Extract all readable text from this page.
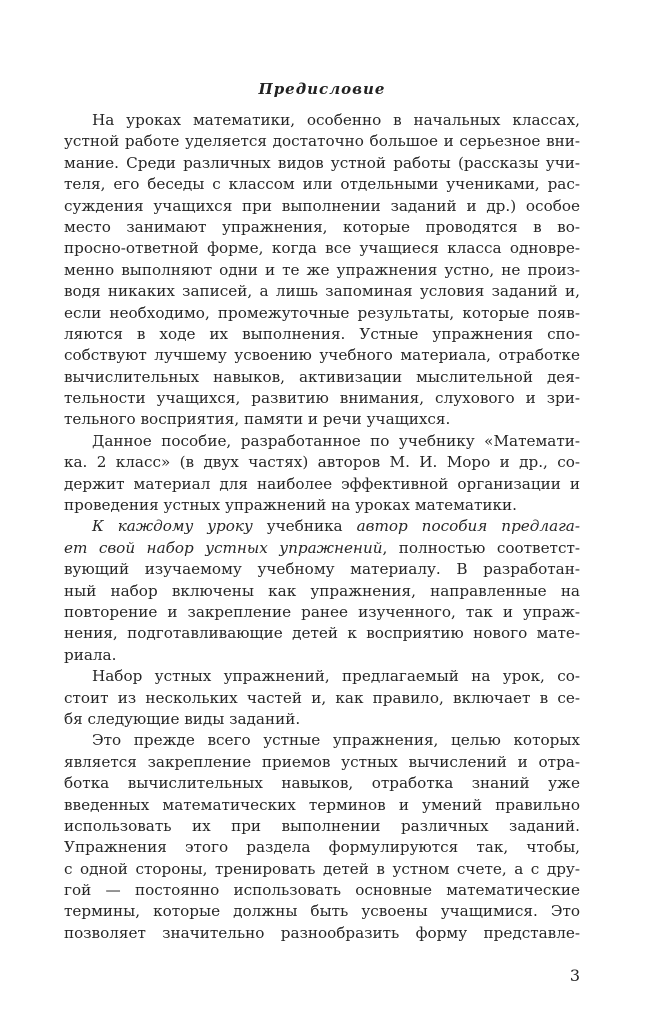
Предисловие
На уроках математики, особенно в начальных классах,
устной работе уделяется достаточно большое и серьезное вни-
мание. Среди различных видов устной работы (рассказы учи-
теля, его беседы с классом или отдельными учениками, рас-
суждения учащихся при выполнении заданий и др.) особое
место занимают упражнения, которые проводятся в во-
просно-ответной форме, когда все учащиеся класса одновре-
менно выполняют одни и те же упражнения устно, не произ-
водя никаких записей, а лишь запоминая условия заданий и,
если необходимо, промежуточные результаты, которые появ-
ляются в ходе их выполнения. Устные упражнения спо-
собствуют лучшему усвоению учебного материала, отработке
вычислительных навыков, активизации мыслительной дея-
тельности учащихся, развитию внимания, слухового и зри-
тельного восприятия, памяти и речи учащихся.
Данное пособие, разработанное по учебнику «Математи-
ка. 2 класс» (в двух частях) авторов М. И. Моро и др., со-
держит материал для наиболее эффективной организации и
проведения устных упражнений на уроках математики.
К каждому уроку учебника автор пособия предлага-
ет свой набор устных упражнений, полностью соответст-
вующий изучаемому учебному материалу. В разработан-
ный набор включены как упражнения, направленные на
повторение и закрепление ранее изученного, так и упраж-
нения, подготавливающие детей к восприятию нового мате-
риала.
Набор устных упражнений, предлагаемый на урок, со-
стоит из нескольких частей и, как правило, включает в се-
бя следующие виды заданий.
Это прежде всего устные упражнения, целью которых
является закрепление приемов устных вычислений и отра-
ботка вычислительных навыков, отработка знаний уже
введенных математических терминов и умений правильно
использовать их при выполнении различных заданий.
Упражнения этого раздела формулируются так, чтобы,
с одной стороны, тренировать детей в устном счете, а с дру-
гой — постоянно использовать основные математические
термины, которые должны быть усвоены учащимися. Это
позволяет значительно разнообразить форму представле-
3
